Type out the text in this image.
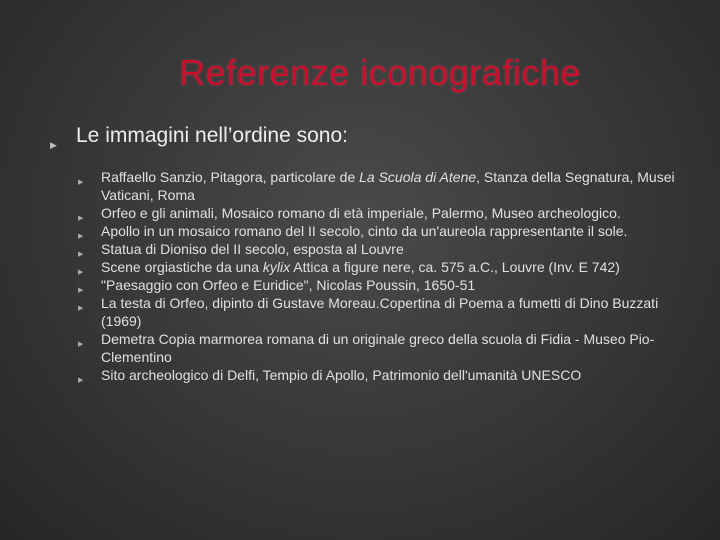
Referenze iconografiche
▶ Le immagini nell’ordine sono:
▶ Raffaello Sanzio, Pitagora, particolare de La Scuola di Atene, Stanza della Segnatura, Musei Vaticani, Roma
▶ Orfeo e gli animali, Mosaico romano di età imperiale, Palermo, Museo archeologico.
▶ Apollo in un mosaico romano del II secolo, cinto da un'aureola rappresentante il sole.
▶ Statua di Dioniso del II secolo, esposta al Louvre
▶ Scene orgiastiche da una kylix Attica a figure nere, ca. 575 a.C., Louvre (Inv. E 742)
▶ "Paesaggio con Orfeo e Euridice", Nicolas Poussin, 1650-51
▶ La testa di Orfeo, dipinto di Gustave Moreau.Copertina di Poema a fumetti di Dino Buzzati (1969)
▶ Demetra Copia marmorea romana di un originale greco della scuola di Fidia - Museo Pio-Clementino
▶ Sito archeologico di Delfi, Tempio di Apollo, Patrimonio dell'umanità UNESCO
